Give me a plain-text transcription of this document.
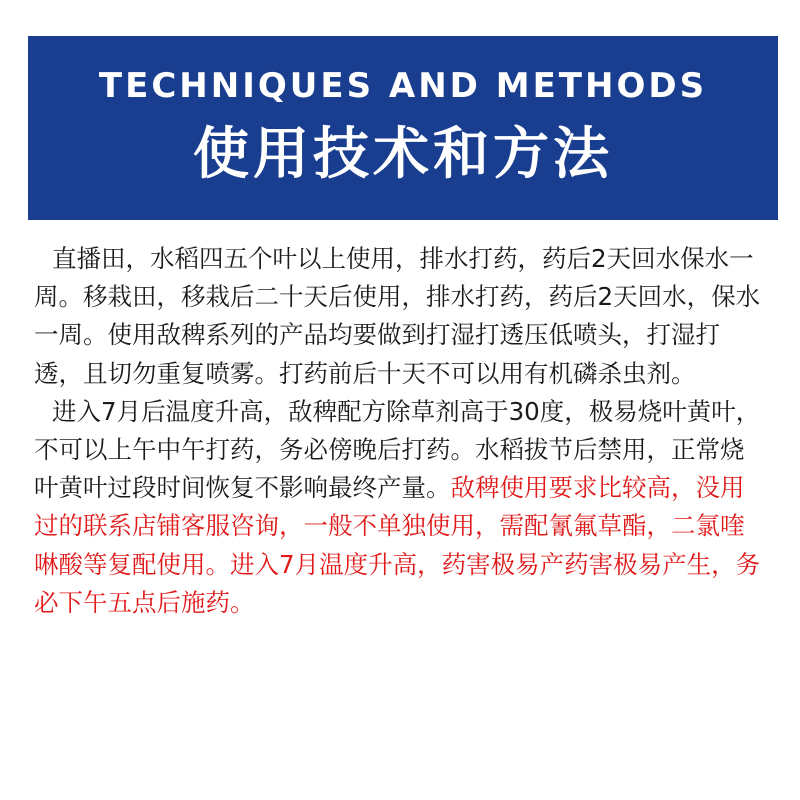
TECHNIQUES AND METHODS
使用技术和方法

直播田，水稻四五个叶以上使用，排水打药，药后2天回水保水一周。移栽田，移栽后二十天后使用，排水打药，药后2天回水，保水一周。使用敌稗系列的产品均要做到打湿打透压低喷头，打湿打透，且切勿重复喷雾。打药前后十天不可以用有机磷杀虫剂。

进入7月后温度升高，敌稗配方除草剂高于30度，极易烧叶黄叶，不可以上午中午打药，务必傍晚后打药。水稻拔节后禁用，正常烧叶黄叶过段时间恢复不影响最终产量。敌稗使用要求比较高，没用过的联系店铺客服咨询，一般不单独使用，需配氰氟草酯，二氯喹啉酸等复配使用。进入7月温度升高，药害极易产药害极易产生，务必下午五点后施药。
